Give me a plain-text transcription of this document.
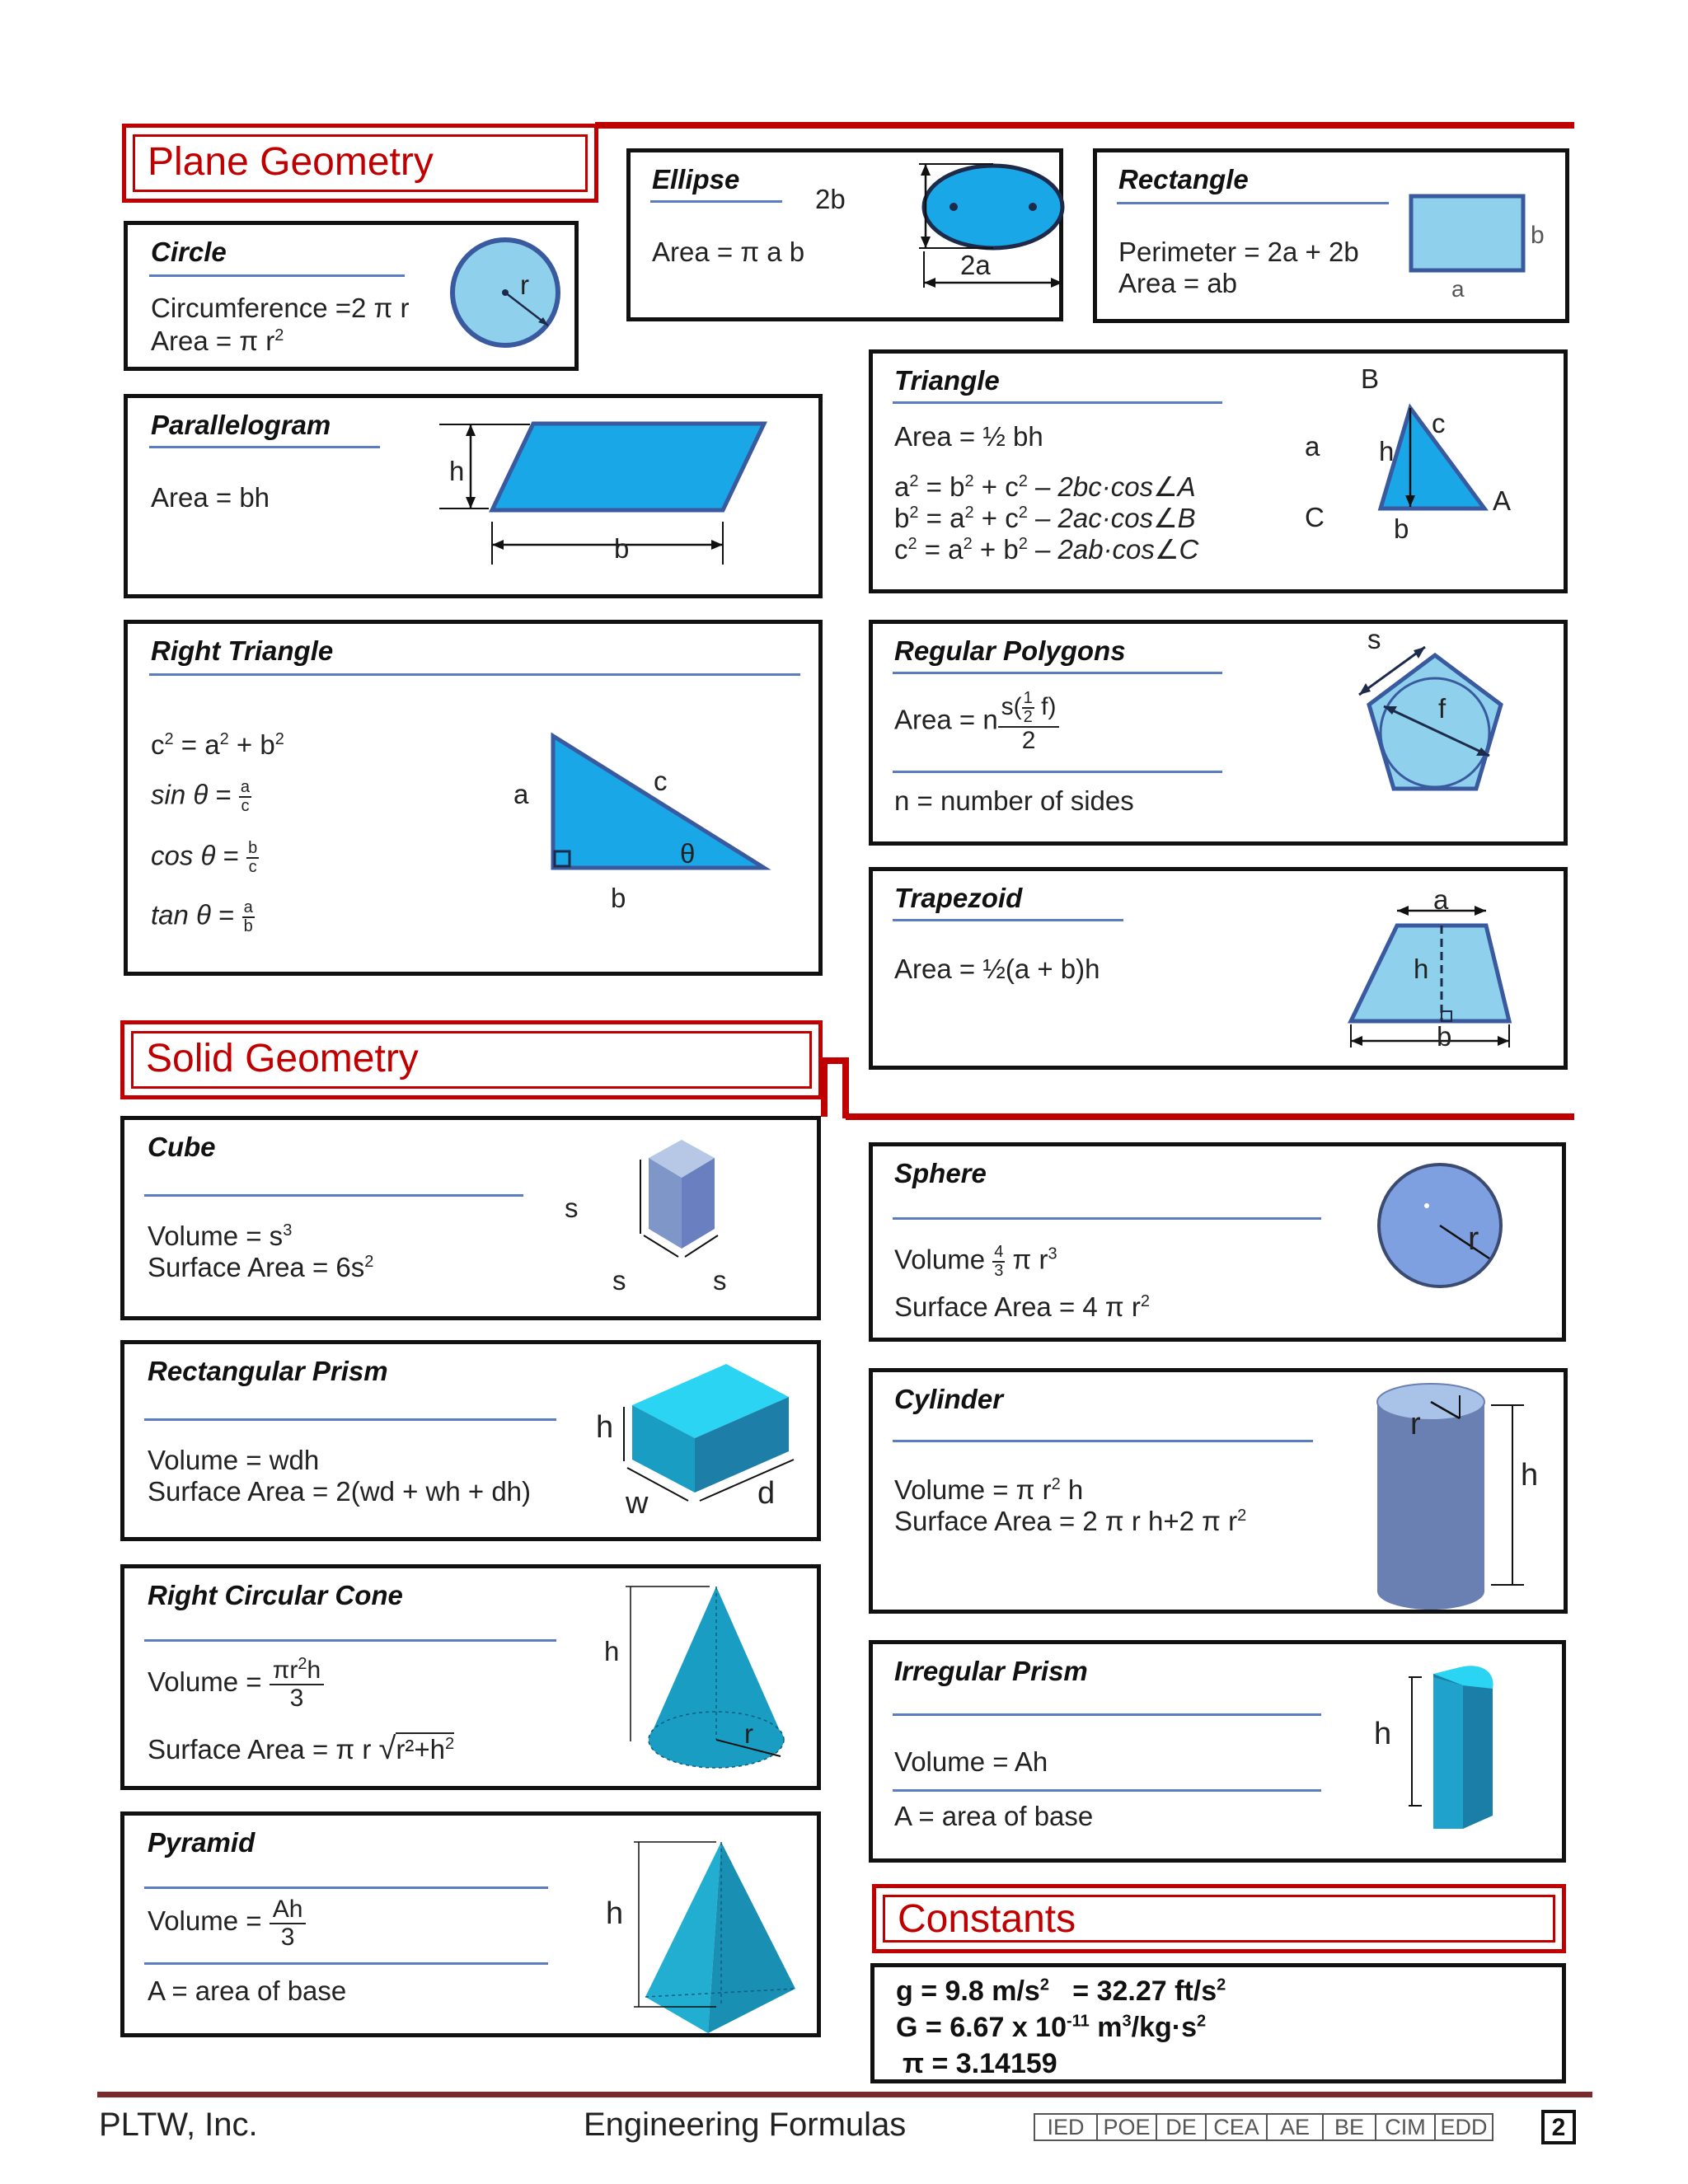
Plane Geometry
Circle
Circumference =2 π r
Area = π $r^2$
r
Ellipse
Area = π a b
2b
2a
Rectangle
Perimeter = 2a + 2b
Area = ab	a
b
Parallelogram
Area = bh
h
b
Triangle
Area = ½ bh
$a^2 = b^2 + c^2$ – 2bc·cos∠A
$b^2 = a^2 + c^2$ – 2ac·cos∠B
$c^2 = a^2 + b^2$ – 2ab·cos∠C
B
c
a h
C	b
A
Right Triangle
$c^2 = a^2 + b^2$
$\sin \theta = \frac{a}{c}$
$\cos \theta = \frac{b}{c}$
$\tan \theta = \frac{a}{b}$
a	c
θ
b
Regular Polygons
Area = n $\frac{s( \frac{1}{2} f)}{2}$
n = number of sides
s
f
Trapezoid
Area = ½(a + b)h
a
h
b
Solid Geometry
Cube
Volume = $s^3$
Surface Area = $6s^2$
s
s	s
Sphere
Volume $\frac{4}{3}$ π $r^3$
Surface Area = 4 π $r^2$
r
Rectangular Prism
Volume = wdh
Surface Area = 2(wd + wh + dh)
h
w	d
Cylinder
Volume = π $r^2$ h
Surface Area = 2 π r h+2 π $r^2$
r
h
Right Circular Cone
Volume = $\frac{\pi r^2h}{3}$
Surface Area = π r $√r^2+h^2$
h
r
Irregular Prism
Volume = Ah
A = area of base
h
Pyramid
Volume = $\frac{Ah}{3}$
A = area of base
h	Constants
g = 9.8 $m/s^2 = 32.27$ $ft/s^2$
G = 6.67 x $10^{-11}$ $m^3/kg\cdot s^2$
π = 3.14159
PLTW, Inc.	Engineering Formulas	IED POE DE CEA AE	BE CIM EDD	2
